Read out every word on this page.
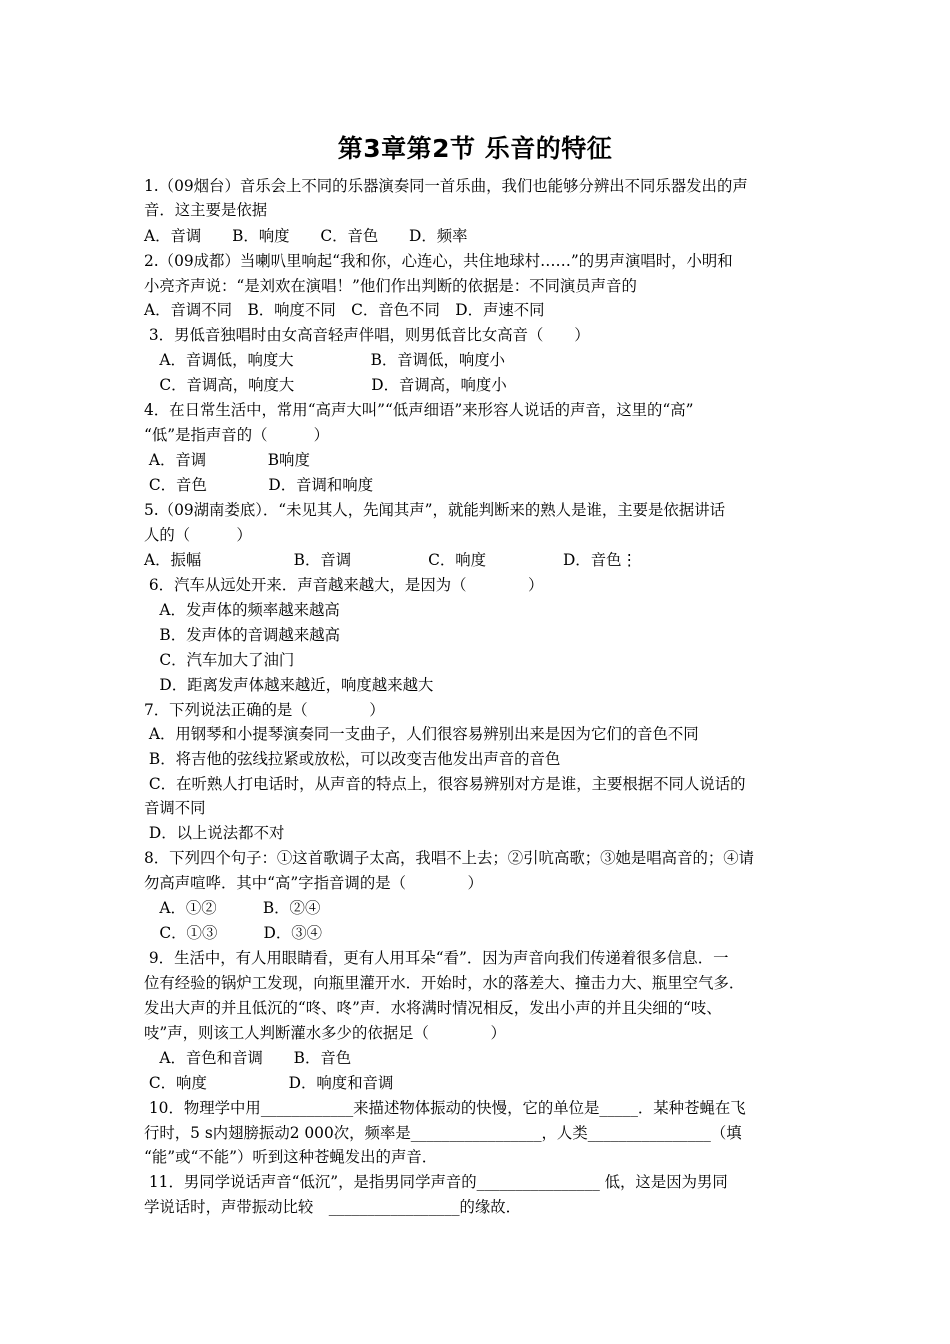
第3章第2节 乐音的特征
1.（09烟台）音乐会上不同的乐器演奏同一首乐曲，我们也能够分辨出不同乐器发出的声
音．这主要是依据
A．音调　　B．响度　　C．音色　　D．频率
2.（09成都）当喇叭里响起“我和你，心连心，共住地球村……”的男声演唱时，小明和
小亮齐声说：“是刘欢在演唱！”他们作出判断的依据是：不同演员声音的
A．音调不同　B．响度不同　C．音色不同　D．声速不同
3．男低音独唱时由女高音轻声伴唱，则男低音比女高音（　　）
　A．音调低，响度大　　　　　B．音调低，响度小
　C．音调高，响度大　　　　　D．音调高，响度小
4．在日常生活中，常用“高声大叫”“低声细语”来形容人说话的声音，这里的“高”
“低”是指声音的（　　　）
A．音调　　　　B响度
C．音色　　　　D．音调和响度
5.（09湖南娄底）．“未见其人，先闻其声”，就能判断来的熟人是谁，主要是依据讲话
人的（　　　）
A．振幅　　　　　　B．音调　　　　　C．响度　　　　　D．音色⋮
6．汽车从远处开来．声音越来越大，是因为（　　　　）
　A．发声体的频率越来越高
　B．发声体的音调越来越高
　C．汽车加大了油门
　D．距离发声体越来越近，响度越来越大
7．下列说法正确的是（　　　　）
A．用钢琴和小提琴演奏同一支曲子，人们很容易辨别出来是因为它们的音色不同
B．将吉他的弦线拉紧或放松，可以改变吉他发出声音的音色
C．在听熟人打电话时，从声音的特点上，很容易辨别对方是谁，主要根据不同人说话的
音调不同
D．以上说法都不对
8．下列四个句子：①这首歌调子太高，我唱不上去；②引吭高歌；③她是唱高音的；④请
勿高声喧哗．其中“高”字指音调的是（　　　　）
　A．①②　　　B．②④
　C．①③　　　D．③④
9．生活中，有人用眼睛看，更有人用耳朵“看”．因为声音向我们传递着很多信息．一
位有经验的锅炉工发现，向瓶里灌开水．开始时，水的落差大、撞击力大、瓶里空气多．
发出大声的并且低沉的“咚、咚”声．水将满时情况相反，发出小声的并且尖细的“吱、
吱”声，则该工人判断灌水多少的依据足（　　　　）
　A．音色和音调　　B．音色
C．响度　　　　　 D．响度和音调
10．物理学中用____________来描述物体振动的快慢，它的单位是_____．某种苍蝇在飞
行时，5 s内翅膀振动2 000次，频率是_________________，人类________________（填
“能”或“不能”）听到这种苍蝇发出的声音．
11．男同学说话声音“低沉”，是指男同学声音的________________ 低，这是因为男同
学说话时，声带振动比较　_________________的缘故．
